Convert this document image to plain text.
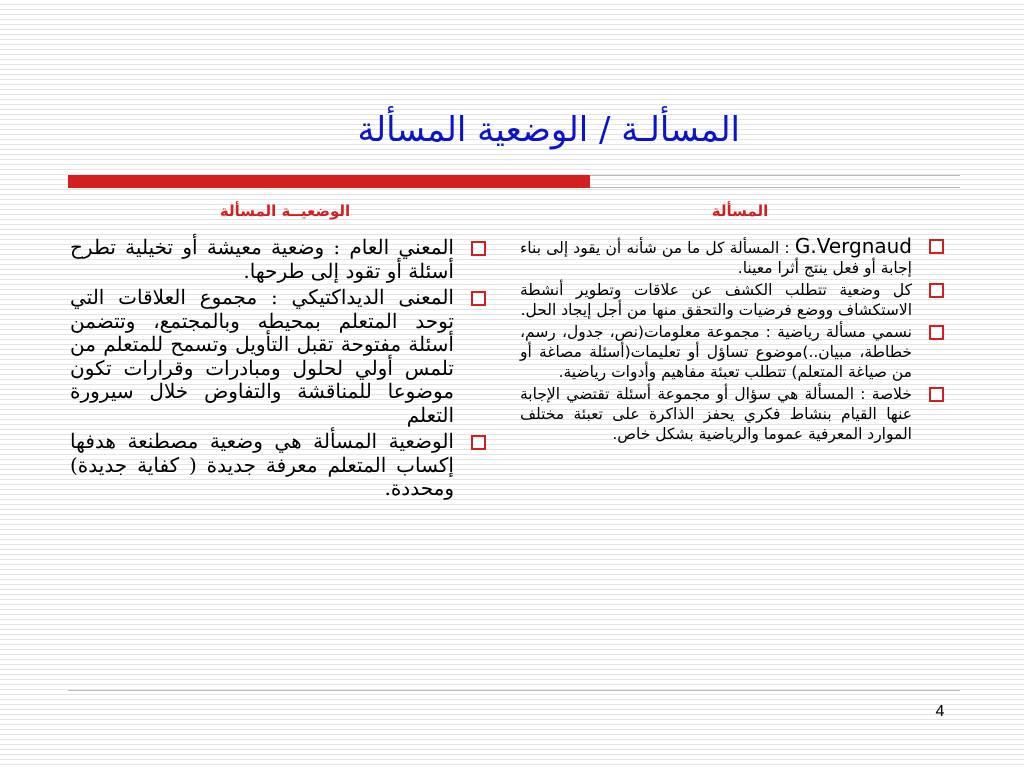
المسألـة / الوضعية المسألة
الوضعيــة المسألة	المسألة
المعني العام : وضعية معيشة أو تخيلية تطرح أسئلة أو تقود إلى طرحها.
المعنى الديداكتيكي : مجموع العلاقات التي توحد المتعلم بمحيطه وبالمجتمع، وتتضمن أسئلة مفتوحة تقبل التأويل وتسمح للمتعلم من تلمس أولي لحلول ومبادرات وقرارات تكون موضوعا للمناقشة والتفاوض خلال سيرورة التعلم
الوضعية المسألة هي وضعية مصطنعة هدفها إكساب المتعلم معرفة جديدة ( كفاية جديدة) ومحددة.
G.Vergnaud : المسألة كل ما من شأنه أن يقود إلى بناء إجابة أو فعل ينتج أثرا معينا.
كل وضعية تتطلب الكشف عن علاقات وتطوير أنشطة الاستكشاف ووضع فرضيات والتحقق منها من أجل إيجاد الحل.
نسمي مسألة رياضية : مجموعة معلومات(نص، جدول، رسم، خطاطة، مبيان..)موضوع تساؤل أو تعليمات(أسئلة مصاغة أو من صياغة المتعلم) تتطلب تعبئة مفاهيم وأدوات رياضية.
خلاصة : المسألة هي سؤال أو مجموعة أسئلة تقتضي الإجابة عنها القيام بنشاط فكري يحفز الذاكرة على تعبئة مختلف الموارد المعرفية عموما والرياضية بشكل خاص.
4
